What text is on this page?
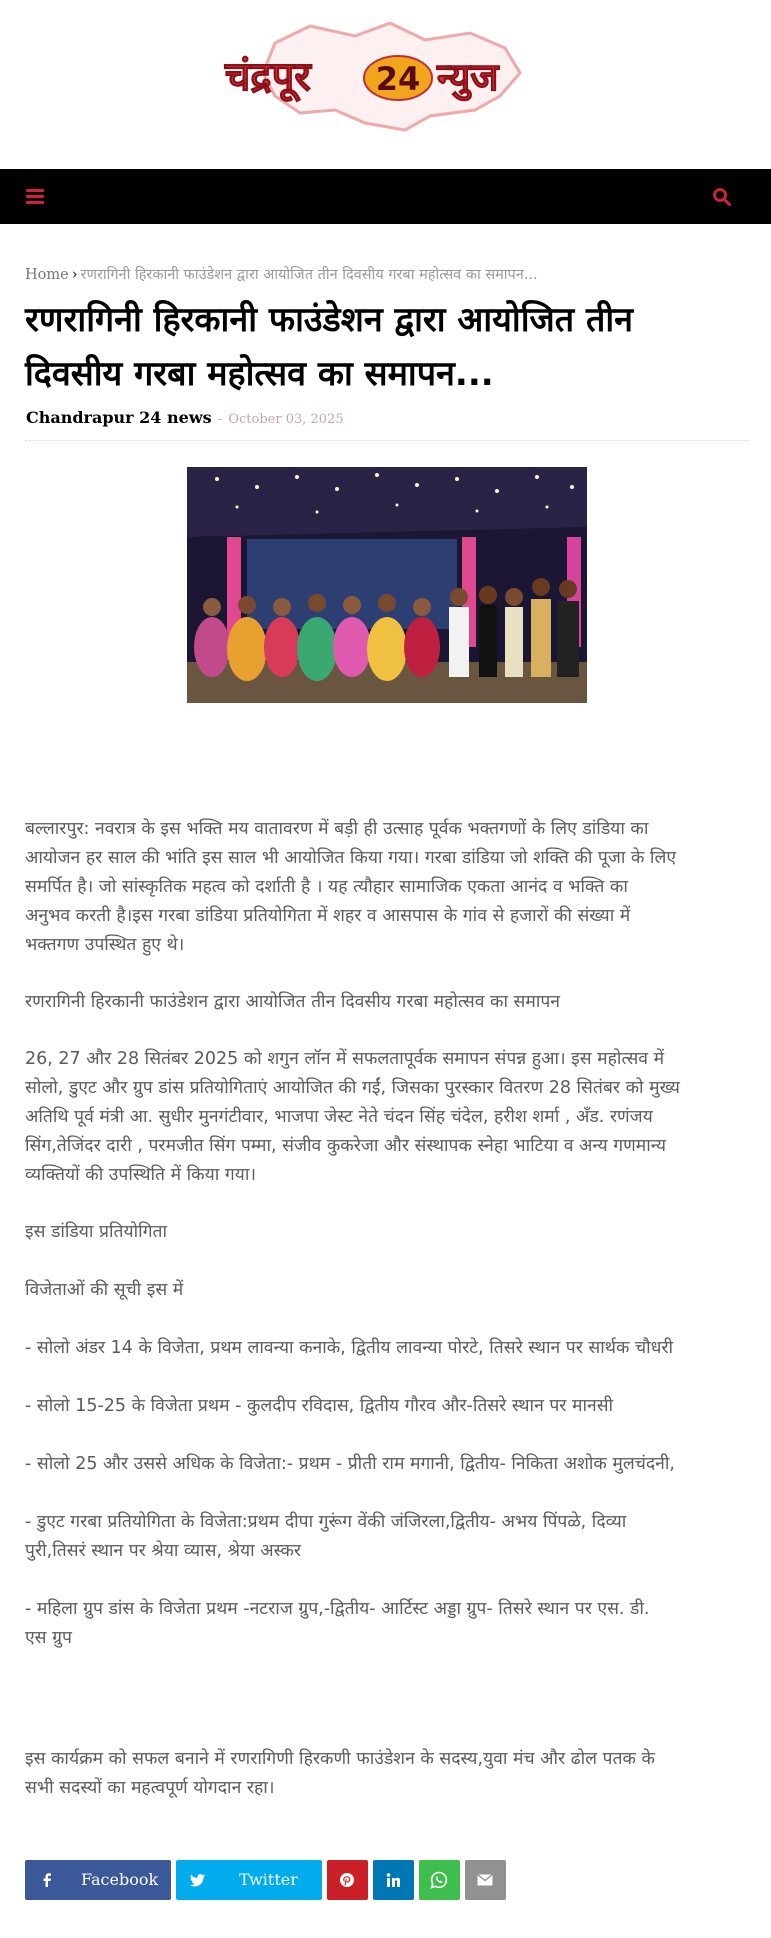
चंद्रपूर 24 न्युज
Home › रणरागिनी हिरकानी फाउंडेशन द्वारा आयोजित तीन दिवसीय गरबा महोत्सव का समापन...
रणरागिनी हिरकानी फाउंडेशन द्वारा आयोजित तीन
दिवसीय गरबा महोत्सव का समापन...
Chandrapur 24 news - October 03, 2025
बल्लारपुर: नवरात्र के इस भक्ति मय वातावरण में बड़ी ही उत्साह पूर्वक भक्तगणों के लिए डांडिया का
आयोजन हर साल की भांति इस साल भी आयोजित किया गया। गरबा डांडिया जो शक्ति की पूजा के लिए
समर्पित है। जो सांस्कृतिक महत्व को दर्शाती है । यह त्यौहार सामाजिक एकता आनंद व भक्ति का
अनुभव करती है।इस गरबा डांडिया प्रतियोगिता में शहर व आसपास के गांव से हजारों की संख्या में
भक्तगण उपस्थित हुए थे।
रणरागिनी हिरकानी फाउंडेशन द्वारा आयोजित तीन दिवसीय गरबा महोत्सव का समापन
26, 27 और 28 सितंबर 2025 को शगुन लॉन में सफलतापूर्वक समापन संपन्न हुआ। इस महोत्सव में
सोलो, डुएट और ग्रुप डांस प्रतियोगिताएं आयोजित की गईं, जिसका पुरस्कार वितरण 28 सितंबर को मुख्य
अतिथि पूर्व मंत्री आ. सुधीर मुनगंटीवार, भाजपा जेस्ट नेते चंदन सिंह चंदेल, हरीश शर्मा , अँड. रणंजय
सिंग,तेजिंदर दारी , परमजीत सिंग पम्मा, संजीव कुकरेजा और संस्थापक स्नेहा भाटिया व अन्य गणमान्य
व्यक्तियों की उपस्थिति में किया गया।
इस डांडिया प्रतियोगिता
विजेताओं की सूची इस में
- सोलो अंडर 14 के विजेता, प्रथम लावन्या कनाके, द्वितीय लावन्या पोरटे, तिसरे स्थान पर सार्थक चौधरी
- सोलो 15-25 के विजेता प्रथम - कुलदीप रविदास, द्वितीय गौरव और-तिसरे स्थान पर मानसी
- सोलो 25 और उससे अधिक के विजेता:- प्रथम - प्रीती राम मगानी, द्वितीय- निकिता अशोक मुलचंदनी,
- डुएट गरबा प्रतियोगिता के विजेता:प्रथम दीपा गुरूंग वेंकी जंजिरला,द्वितीय- अभय पिंपळे, दिव्या
पुरी,तिसरं स्थान पर श्रेया व्यास, श्रेया अस्कर
- महिला ग्रुप डांस के विजेता प्रथम -नटराज ग्रुप,-द्वितीय- आर्टिस्ट अड्डा ग्रुप- तिसरे स्थान पर एस. डी.
एस ग्रुप
इस कार्यक्रम को सफल बनाने में रणरागिणी हिरकणी फाउंडेशन के सदस्य,युवा मंच और ढोल पतक के
सभी सदस्यों का महत्वपूर्ण योगदान रहा।
Facebook	Twitter
